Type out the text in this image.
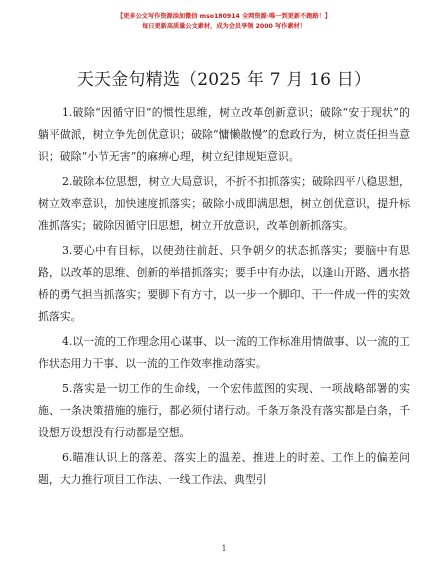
【更多公文写作资源添加微信 mso180914 全网资源·唯一到更新不跑路！】
每日更新高质量公文素材，成为会员享领 2000 写作素材！
天天金句精选（2025 年 7 月 16 日）

1.破除“因循守旧”的惯性思维，树立改革创新意识；破除“安于现状”的躺平做派，树立争先创优意识；破除“慵懒散慢”的怠政行为，树立责任担当意识；破除“小节无害”的麻痹心理，树立纪律规矩意识。

2.破除本位思想，树立大局意识，不折不扣抓落实；破除四平八稳思想，树立效率意识，加快速度抓落实；破除小成即满思想，树立创优意识，提升标准抓落实；破除因循守旧思想，树立开放意识，改革创新抓落实。

3.要心中有目标，以使劲往前赶、只争朝夕的状态抓落实；要脑中有思路，以改革的思维、创新的举措抓落实；要手中有办法，以逢山开路、遇水搭桥的勇气担当抓落实；要脚下有方寸，以一步一个脚印、干一件成一件的实效抓落实。

4.以一流的工作理念用心谋事、以一流的工作标准用情做事、以一流的工作状态用力干事、以一流的工作效率推动落实。

5.落实是一切工作的生命线，一个宏伟蓝图的实现、一项战略部署的实施、一条决策措施的施行，都必须付诸行动。千条万条没有落实都是白条，千设想万设想没有行动都是空想。

6.瞄准认识上的落差、落实上的温差、推进上的时差、工作上的偏差问题，大力推行项目工作法、一线工作法、典型引

1
